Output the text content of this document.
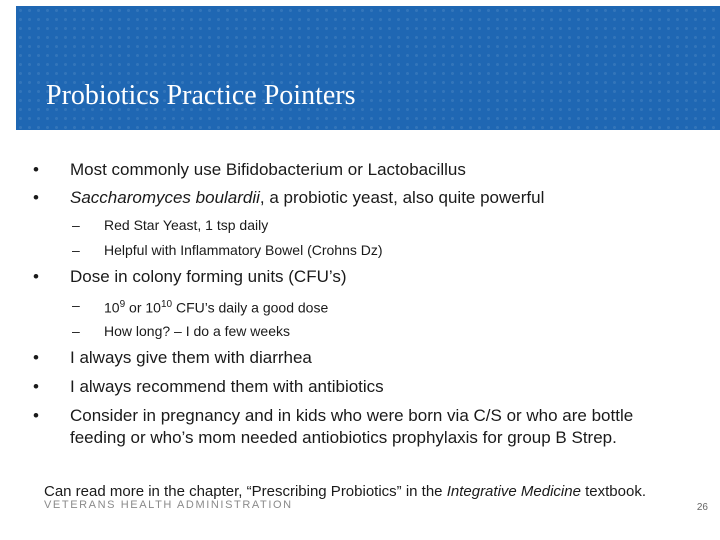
Probiotics Practice Pointers
• Most commonly use Bifidobacterium or Lactobacillus
• Saccharomyces boulardii, a probiotic yeast, also quite powerful
– Red Star Yeast, 1 tsp daily
– Helpful with Inflammatory Bowel (Crohns Dz)
• Dose in colony forming units (CFU’s)
– $10^9$ or $10^{10}$ CFU’s daily a good dose
– How long? – I do a few weeks
• I always give them with diarrhea
• I always recommend them with antibiotics
• Consider in pregnancy and in kids who were born via C/S or who are bottle
feeding or who’s mom needed antiobiotics prophylaxis for group B Strep.
Can read more in the chapter, “Prescribing Probiotics” in the Integrative Medicine textbook.
VETERANS HEALTH ADMINISTRATION	26
